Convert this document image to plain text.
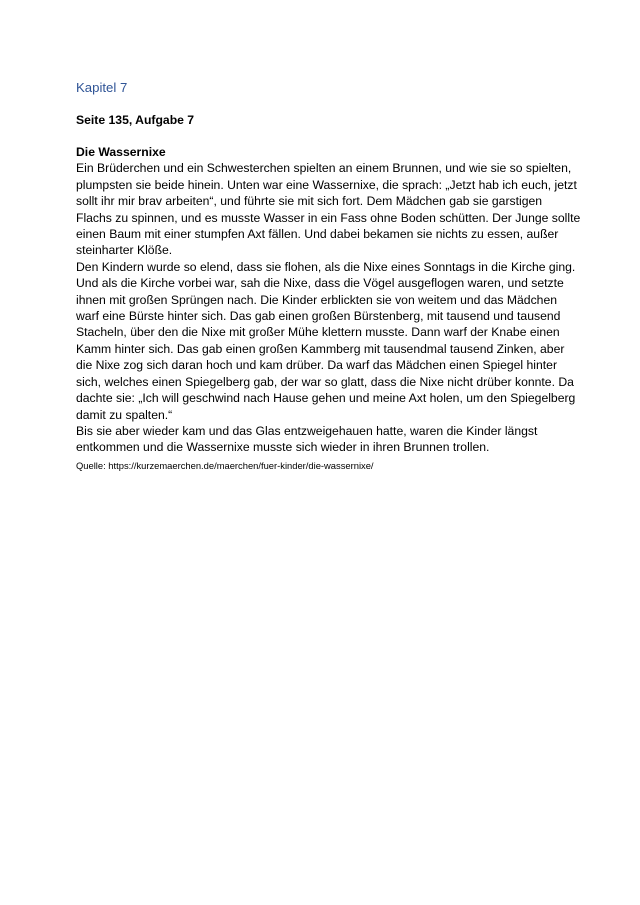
Kapitel 7
Seite 135, Aufgabe 7
Die Wassernixe
Ein Brüderchen und ein Schwesterchen spielten an einem Brunnen, und wie sie so spielten,
plumpsten sie beide hinein. Unten war eine Wassernixe, die sprach: „Jetzt hab ich euch, jetzt
sollt ihr mir brav arbeiten“, und führte sie mit sich fort. Dem Mädchen gab sie garstigen
Flachs zu spinnen, und es musste Wasser in ein Fass ohne Boden schütten. Der Junge sollte
einen Baum mit einer stumpfen Axt fällen. Und dabei bekamen sie nichts zu essen, außer
steinharter Klöße.
Den Kindern wurde so elend, dass sie flohen, als die Nixe eines Sonntags in die Kirche ging.
Und als die Kirche vorbei war, sah die Nixe, dass die Vögel ausgeflogen waren, und setzte
ihnen mit großen Sprüngen nach. Die Kinder erblickten sie von weitem und das Mädchen
warf eine Bürste hinter sich. Das gab einen großen Bürstenberg, mit tausend und tausend
Stacheln, über den die Nixe mit großer Mühe klettern musste. Dann warf der Knabe einen
Kamm hinter sich. Das gab einen großen Kammberg mit tausendmal tausend Zinken, aber
die Nixe zog sich daran hoch und kam drüber. Da warf das Mädchen einen Spiegel hinter
sich, welches einen Spiegelberg gab, der war so glatt, dass die Nixe nicht drüber konnte. Da
dachte sie: „Ich will geschwind nach Hause gehen und meine Axt holen, um den Spiegelberg
damit zu spalten.“
Bis sie aber wieder kam und das Glas entzweigehauen hatte, waren die Kinder längst
entkommen und die Wassernixe musste sich wieder in ihren Brunnen trollen.
Quelle: https://kurzemaerchen.de/maerchen/fuer-kinder/die-wassernixe/
